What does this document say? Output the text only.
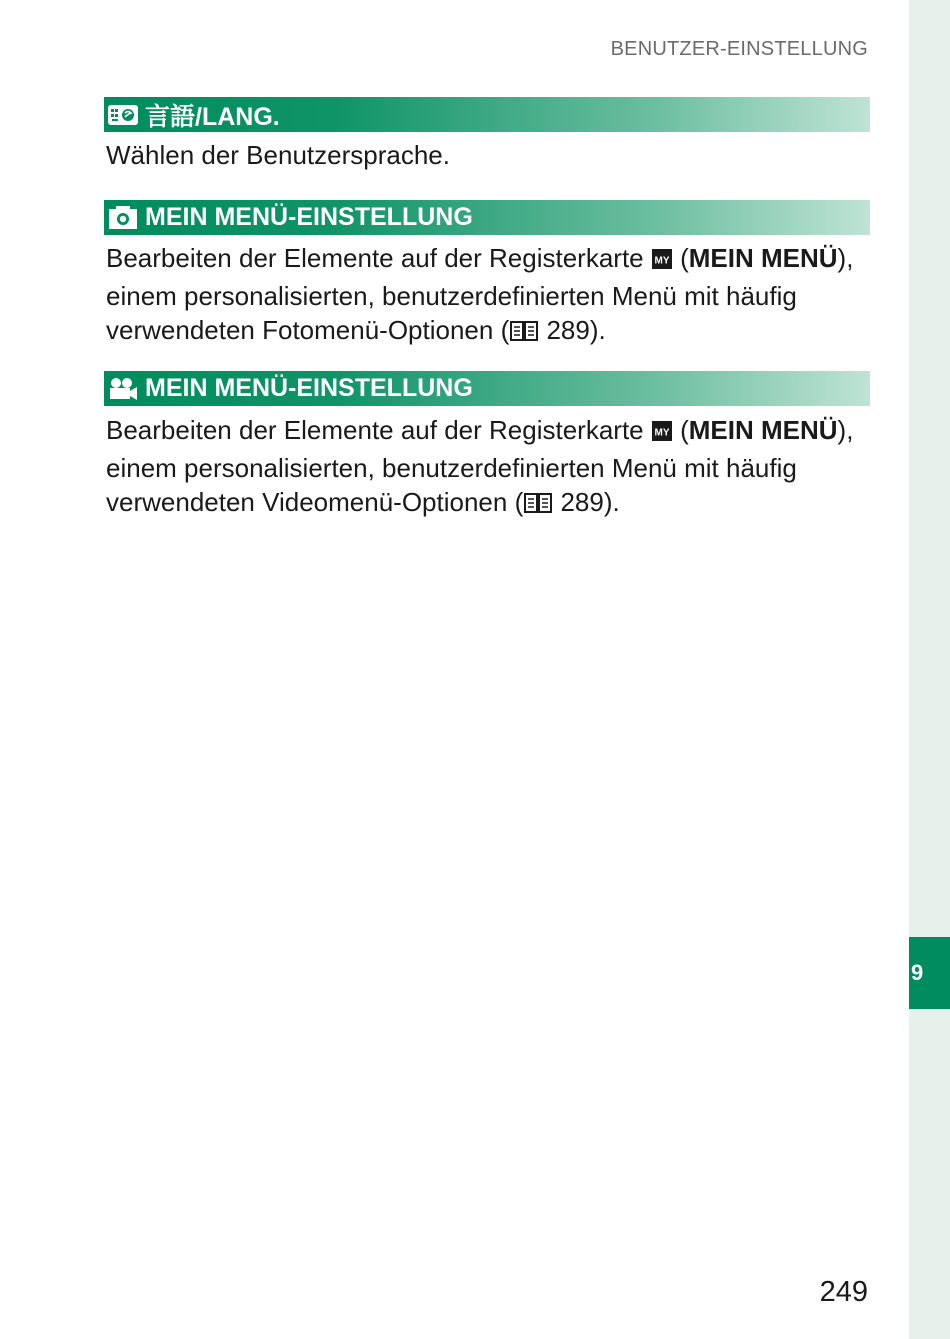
9
BENUTZER-EINSTELLUNG
言語/LANG.
Wählen der Benutzersprache.
MEIN MENÜ-EINSTELLUNG
Bearbeiten der Elemente auf der Registerkarte MY (MEIN MENÜ), einem personalisierten, benutzerdefinierten Menü mit häufig verwendeten Fotomenü-Optionen ( 289).
MEIN MENÜ-EINSTELLUNG
Bearbeiten der Elemente auf der Registerkarte MY (MEIN MENÜ), einem personalisierten, benutzerdefinierten Menü mit häufig verwendeten Videomenü-Optionen ( 289).
249
